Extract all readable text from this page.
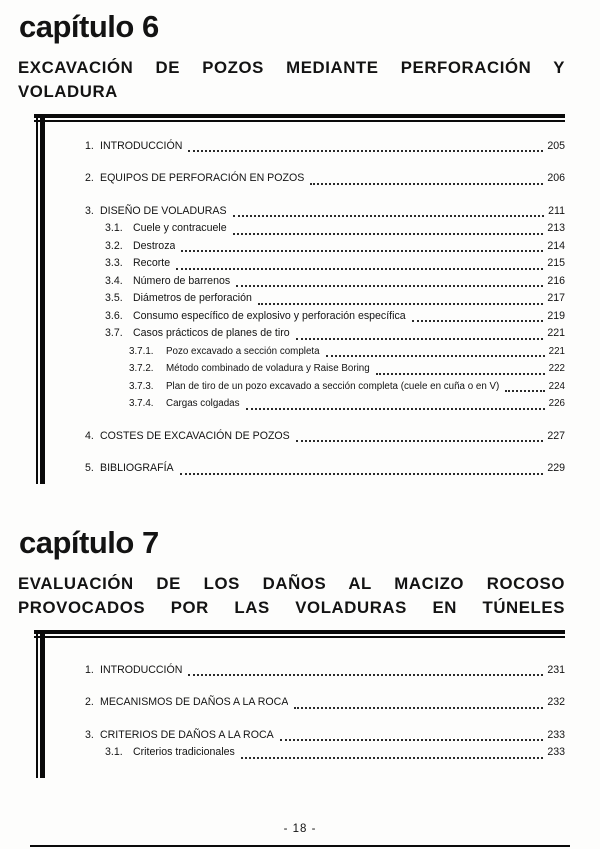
capítulo 6
EXCAVACIÓN DE POZOS MEDIANTE PERFORACIÓN Y
VOLADURA
1. INTRODUCCIÓN	205
2. EQUIPOS DE PERFORACIÓN EN POZOS	206
3. DISEÑO DE VOLADURAS	211
3.1. Cuele y contracuele	213
3.2. Destroza	214
3.3. Recorte	215
3.4. Número de barrenos	216
3.5. Diámetros de perforación	217
3.6. Consumo específico de explosivo y perforación específica	219
3.7. Casos prácticos de planes de tiro	221
3.7.1.	Pozo excavado a sección completa	221
3.7.2.	Método combinado de voladura y Raise Boring	222
3.7.3.	Plan de tiro de un pozo excavado a sección completa (cuele en cuña o en V)	224
3.7.4.	Cargas colgadas	226
4. COSTES DE EXCAVACIÓN DE POZOS	227
5. BIBLIOGRAFÍA	229
capítulo 7
EVALUACIÓN DE LOS DAÑOS AL MACIZO ROCOSO
PROVOCADOS POR LAS VOLADURAS EN TÚNELES
1. INTRODUCCIÓN	231
2. MECANISMOS DE DAÑOS A LA ROCA	232
3. CRITERIOS DE DAÑOS A LA ROCA	233
3.1. Criterios tradicionales	233
- 18 -
